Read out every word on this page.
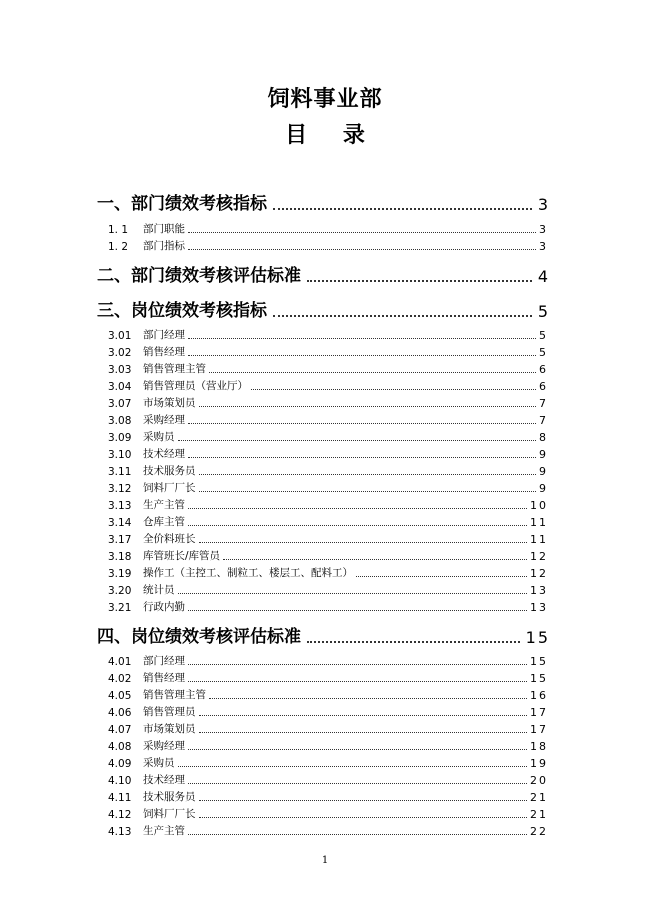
饲料事业部
目 录
一、 部门绩效考核指标	3
1. 1	部门职能	3
1. 2	部门指标	3
二、 部门绩效考核评估标准	4
三、 岗位绩效考核指标	5
3.01	部门经理	5
3.02	销售经理	5
3.03	销售管理主管	6
3.04	销售管理员（营业厅）	6
3.07	市场策划员	7
3.08	采购经理	7
3.09	采购员	8
3.10	技术经理	9
3.11	技术服务员	9
3.12	饲料厂厂长	9
3.13	生产主管	10
3.14	仓库主管	11
3.17	全价料班长	11
3.18	库管班长/库管员	12
3.19	操作工（主控工、制粒工、楼层工、配料工）	12
3.20	统计员	13
3.21	行政内勤	13
四、 岗位绩效考核评估标准	15
4.01	部门经理	15
4.02	销售经理	15
4.05	销售管理主管	16
4.06	销售管理员	17
4.07	市场策划员	17
4.08	采购经理	18
4.09	采购员	19
4.10	技术经理	20
4.11	技术服务员	21
4.12	饲料厂厂长	21
4.13	生产主管	22
1
